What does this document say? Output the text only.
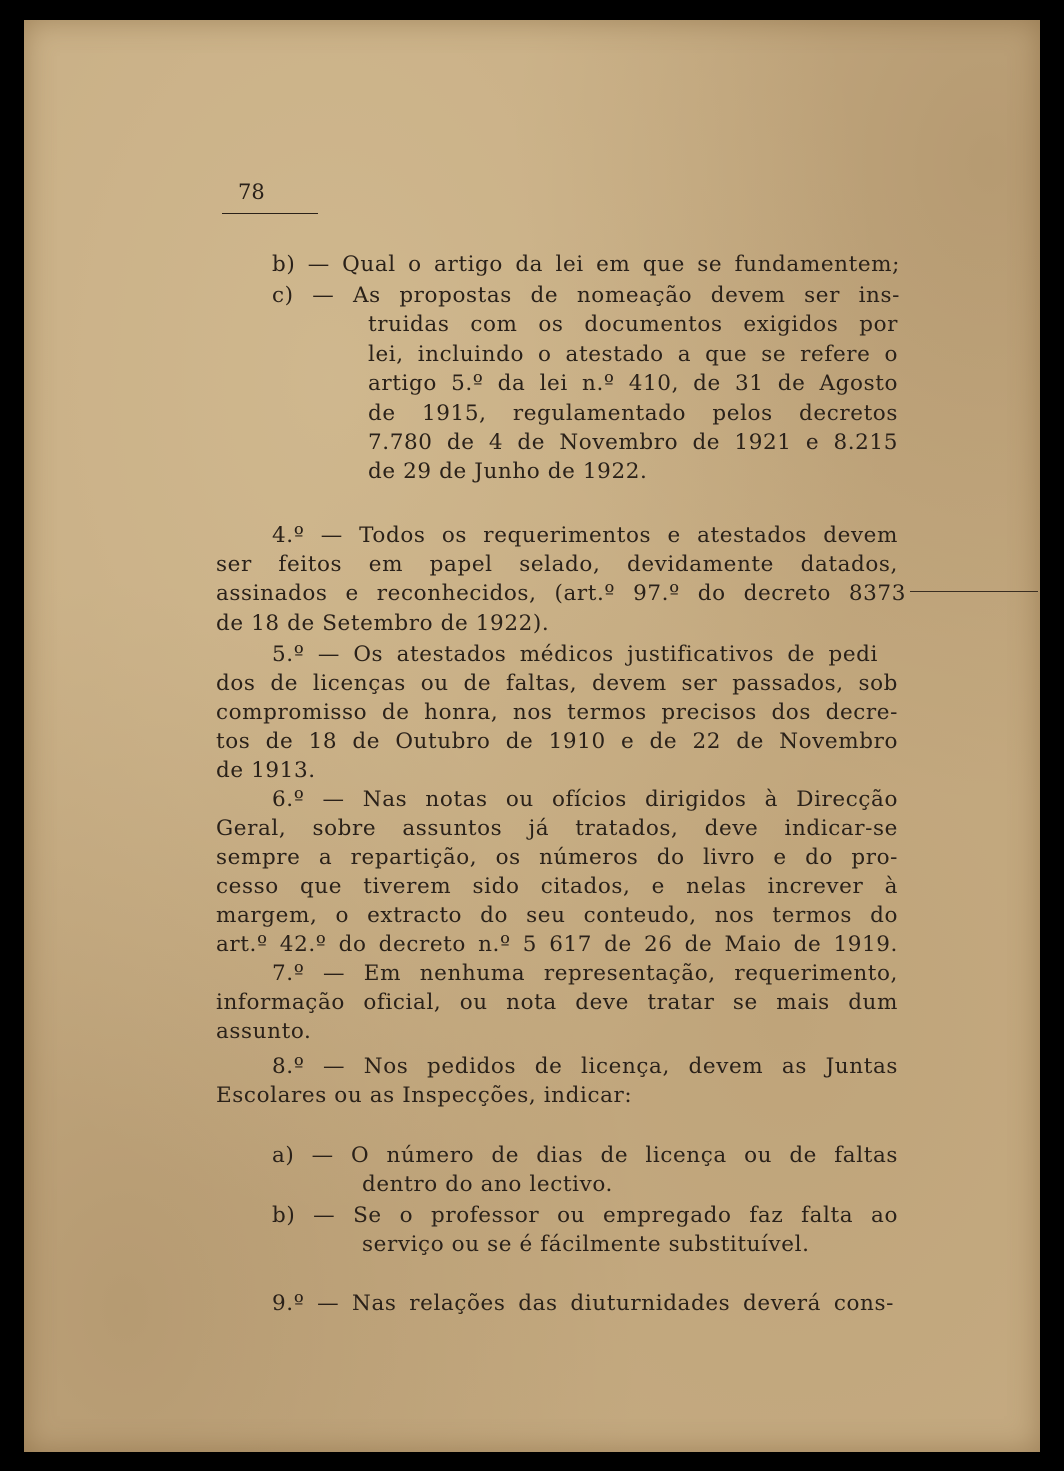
78
b) — Qual o artigo da lei em que se fundamentem;
c) — As propostas de nomeação devem ser ins-
truidas com os documentos exigidos por
lei, incluindo o atestado a que se refere o
artigo 5.º da lei n.º 410, de 31 de Agosto
de 1915, regulamentado pelos decretos
7.780 de 4 de Novembro de 1921 e 8.215
de 29 de Junho de 1922.
4.º — Todos os requerimentos e atestados devem
ser feitos em papel selado, devidamente datados,
assinados e reconhecidos, (art.º 97.º do decreto 8373
de 18 de Setembro de 1922).
5.º — Os atestados médicos justificativos de pedi
dos de licenças ou de faltas, devem ser passados, sob
compromisso de honra, nos termos precisos dos decre-
tos de 18 de Outubro de 1910 e de 22 de Novembro
de 1913.
6.º — Nas notas ou ofícios dirigidos à Direcção
Geral, sobre assuntos já tratados, deve indicar-se
sempre a repartição, os números do livro e do pro-
cesso que tiverem sido citados, e nelas increver à
margem, o extracto do seu conteudo, nos termos do
art.º 42.º do decreto n.º 5 617 de 26 de Maio de 1919.
7.º — Em nenhuma representação, requerimento,
informação oficial, ou nota deve tratar se mais dum
assunto.
8.º — Nos pedidos de licença, devem as Juntas
Escolares ou as Inspecções, indicar:
a) — O número de dias de licença ou de faltas
dentro do ano lectivo.
b) — Se o professor ou empregado faz falta ao
serviço ou se é fácilmente substituível.
9.º — Nas relações das diuturnidades deverá cons-
